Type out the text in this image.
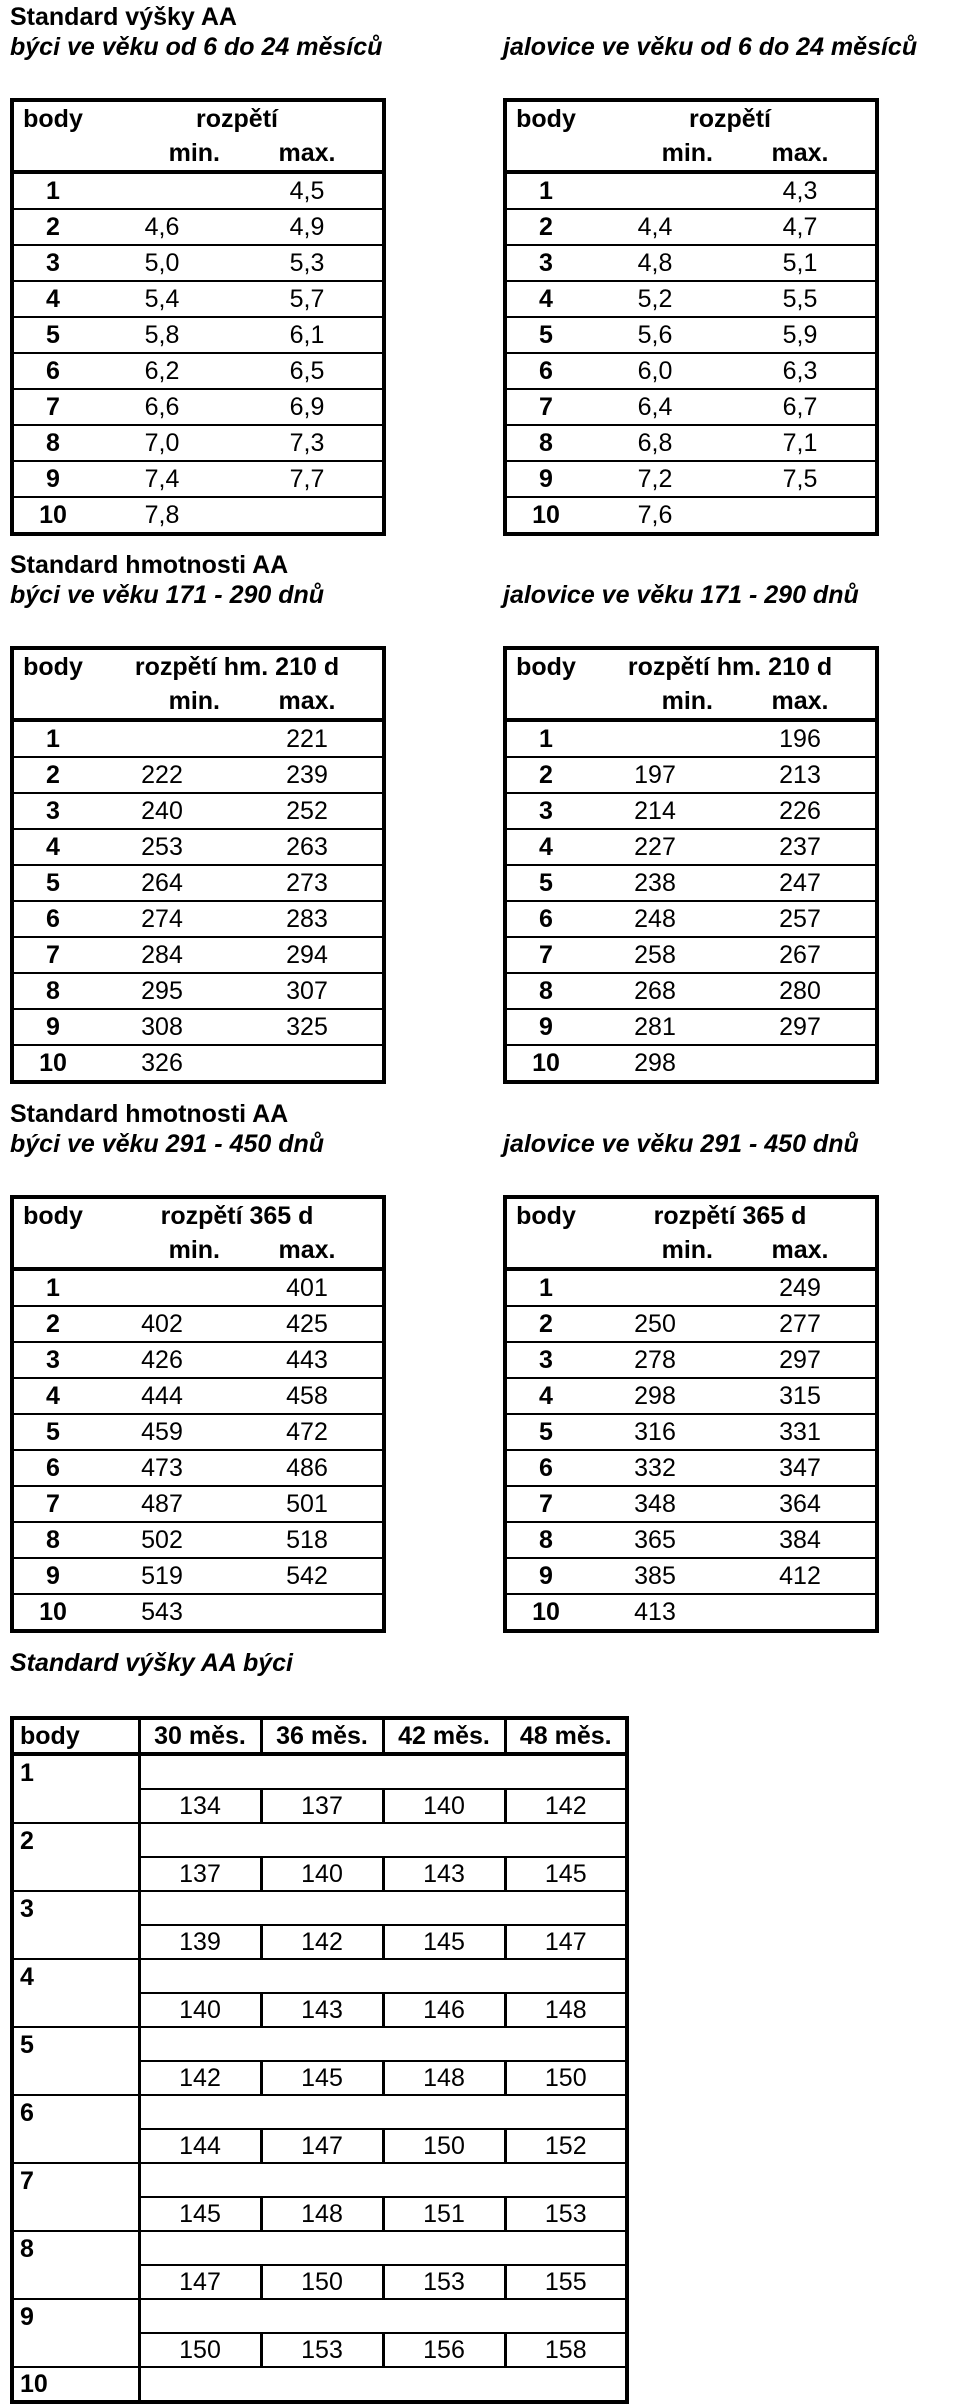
Standard výšky AA
býci ve věku od 6 do 24 měsíců	jalovice ve věku od 6 do 24 měsíců
body	rozpětí	
	min.	max.
1		4,5
2	4,6	4,9
3	5,0	5,3
4	5,4	5,7
5	5,8	6,1
6	6,2	6,5
7	6,6	6,9
8	7,0	7,3
9	7,4	7,7
10	7,8	
body	rozpětí	
	min.	max.
1		4,3
2	4,4	4,7
3	4,8	5,1
4	5,2	5,5
5	5,6	5,9
6	6,0	6,3
7	6,4	6,7
8	6,8	7,1
9	7,2	7,5
10	7,6	
Standard hmotnosti AA
býci ve věku 171 - 290 dnů	jalovice ve věku 171 - 290 dnů
body	rozpětí hm. 210 d	
	min.	max.
1		221
2	222	239
3	240	252
4	253	263
5	264	273
6	274	283
7	284	294
8	295	307
9	308	325
10	326	
body	rozpětí hm. 210 d	
	min.	max.
1		196
2	197	213
3	214	226
4	227	237
5	238	247
6	248	257
7	258	267
8	268	280
9	281	297
10	298	
Standard hmotnosti AA
býci ve věku 291 - 450 dnů	jalovice ve věku 291 - 450 dnů
body	rozpětí 365 d	
	min.	max.
1		401
2	402	425
3	426	443
4	444	458
5	459	472
6	473	486
7	487	501
8	502	518
9	519	542
10	543	
body	rozpětí 365 d	
	min.	max.
1		249
2	250	277
3	278	297
4	298	315
5	316	331
6	332	347
7	348	364
8	365	384
9	385	412
10	413	
Standard výšky AA býci
body	30 měs.	36 měs.	42 měs.	48 měs.
1				
	134	137	140	142
2				
	137	140	143	145
3				
	139	142	145	147
4				
	140	143	146	148
5				
	142	145	148	150
6				
	144	147	150	152
7				
	145	148	151	153
8				
	147	150	153	155
9				
	150	153	156	158
10				
